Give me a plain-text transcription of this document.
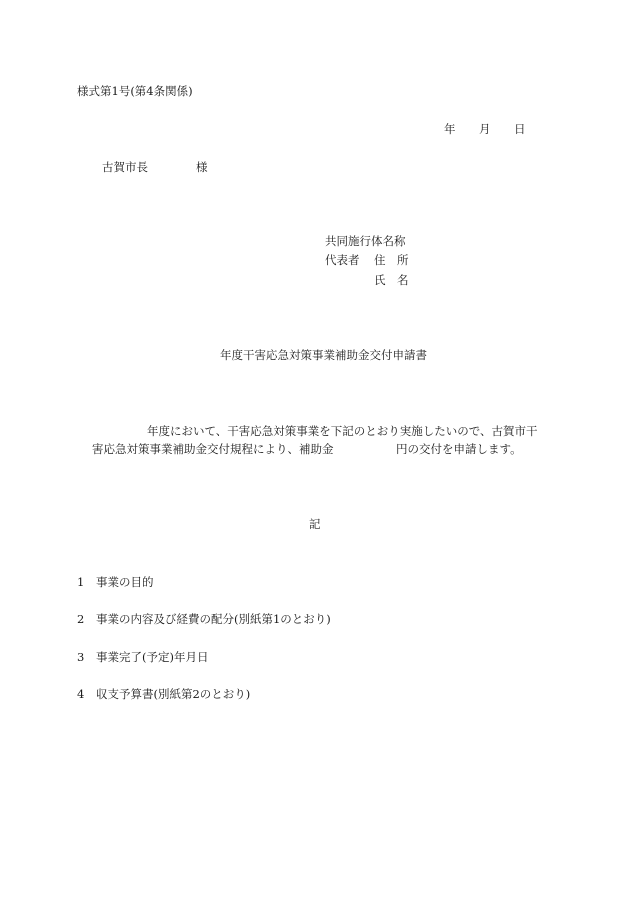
様式第1号(第4条関係)
年 月 日
古賀市長	様
共同施行体名称
代表者 住　所
氏　名
年度干害応急対策事業補助金交付申請書
年度において、干害応急対策事業を下記のとおり実施したいので、古賀市干
害応急対策事業補助金交付規程により、補助金	円の交付を申請します。
記
1 事業の目的
2 事業の内容及び経費の配分(別紙第1のとおり)
3 事業完了(予定)年月日
4 収支予算書(別紙第2のとおり)
